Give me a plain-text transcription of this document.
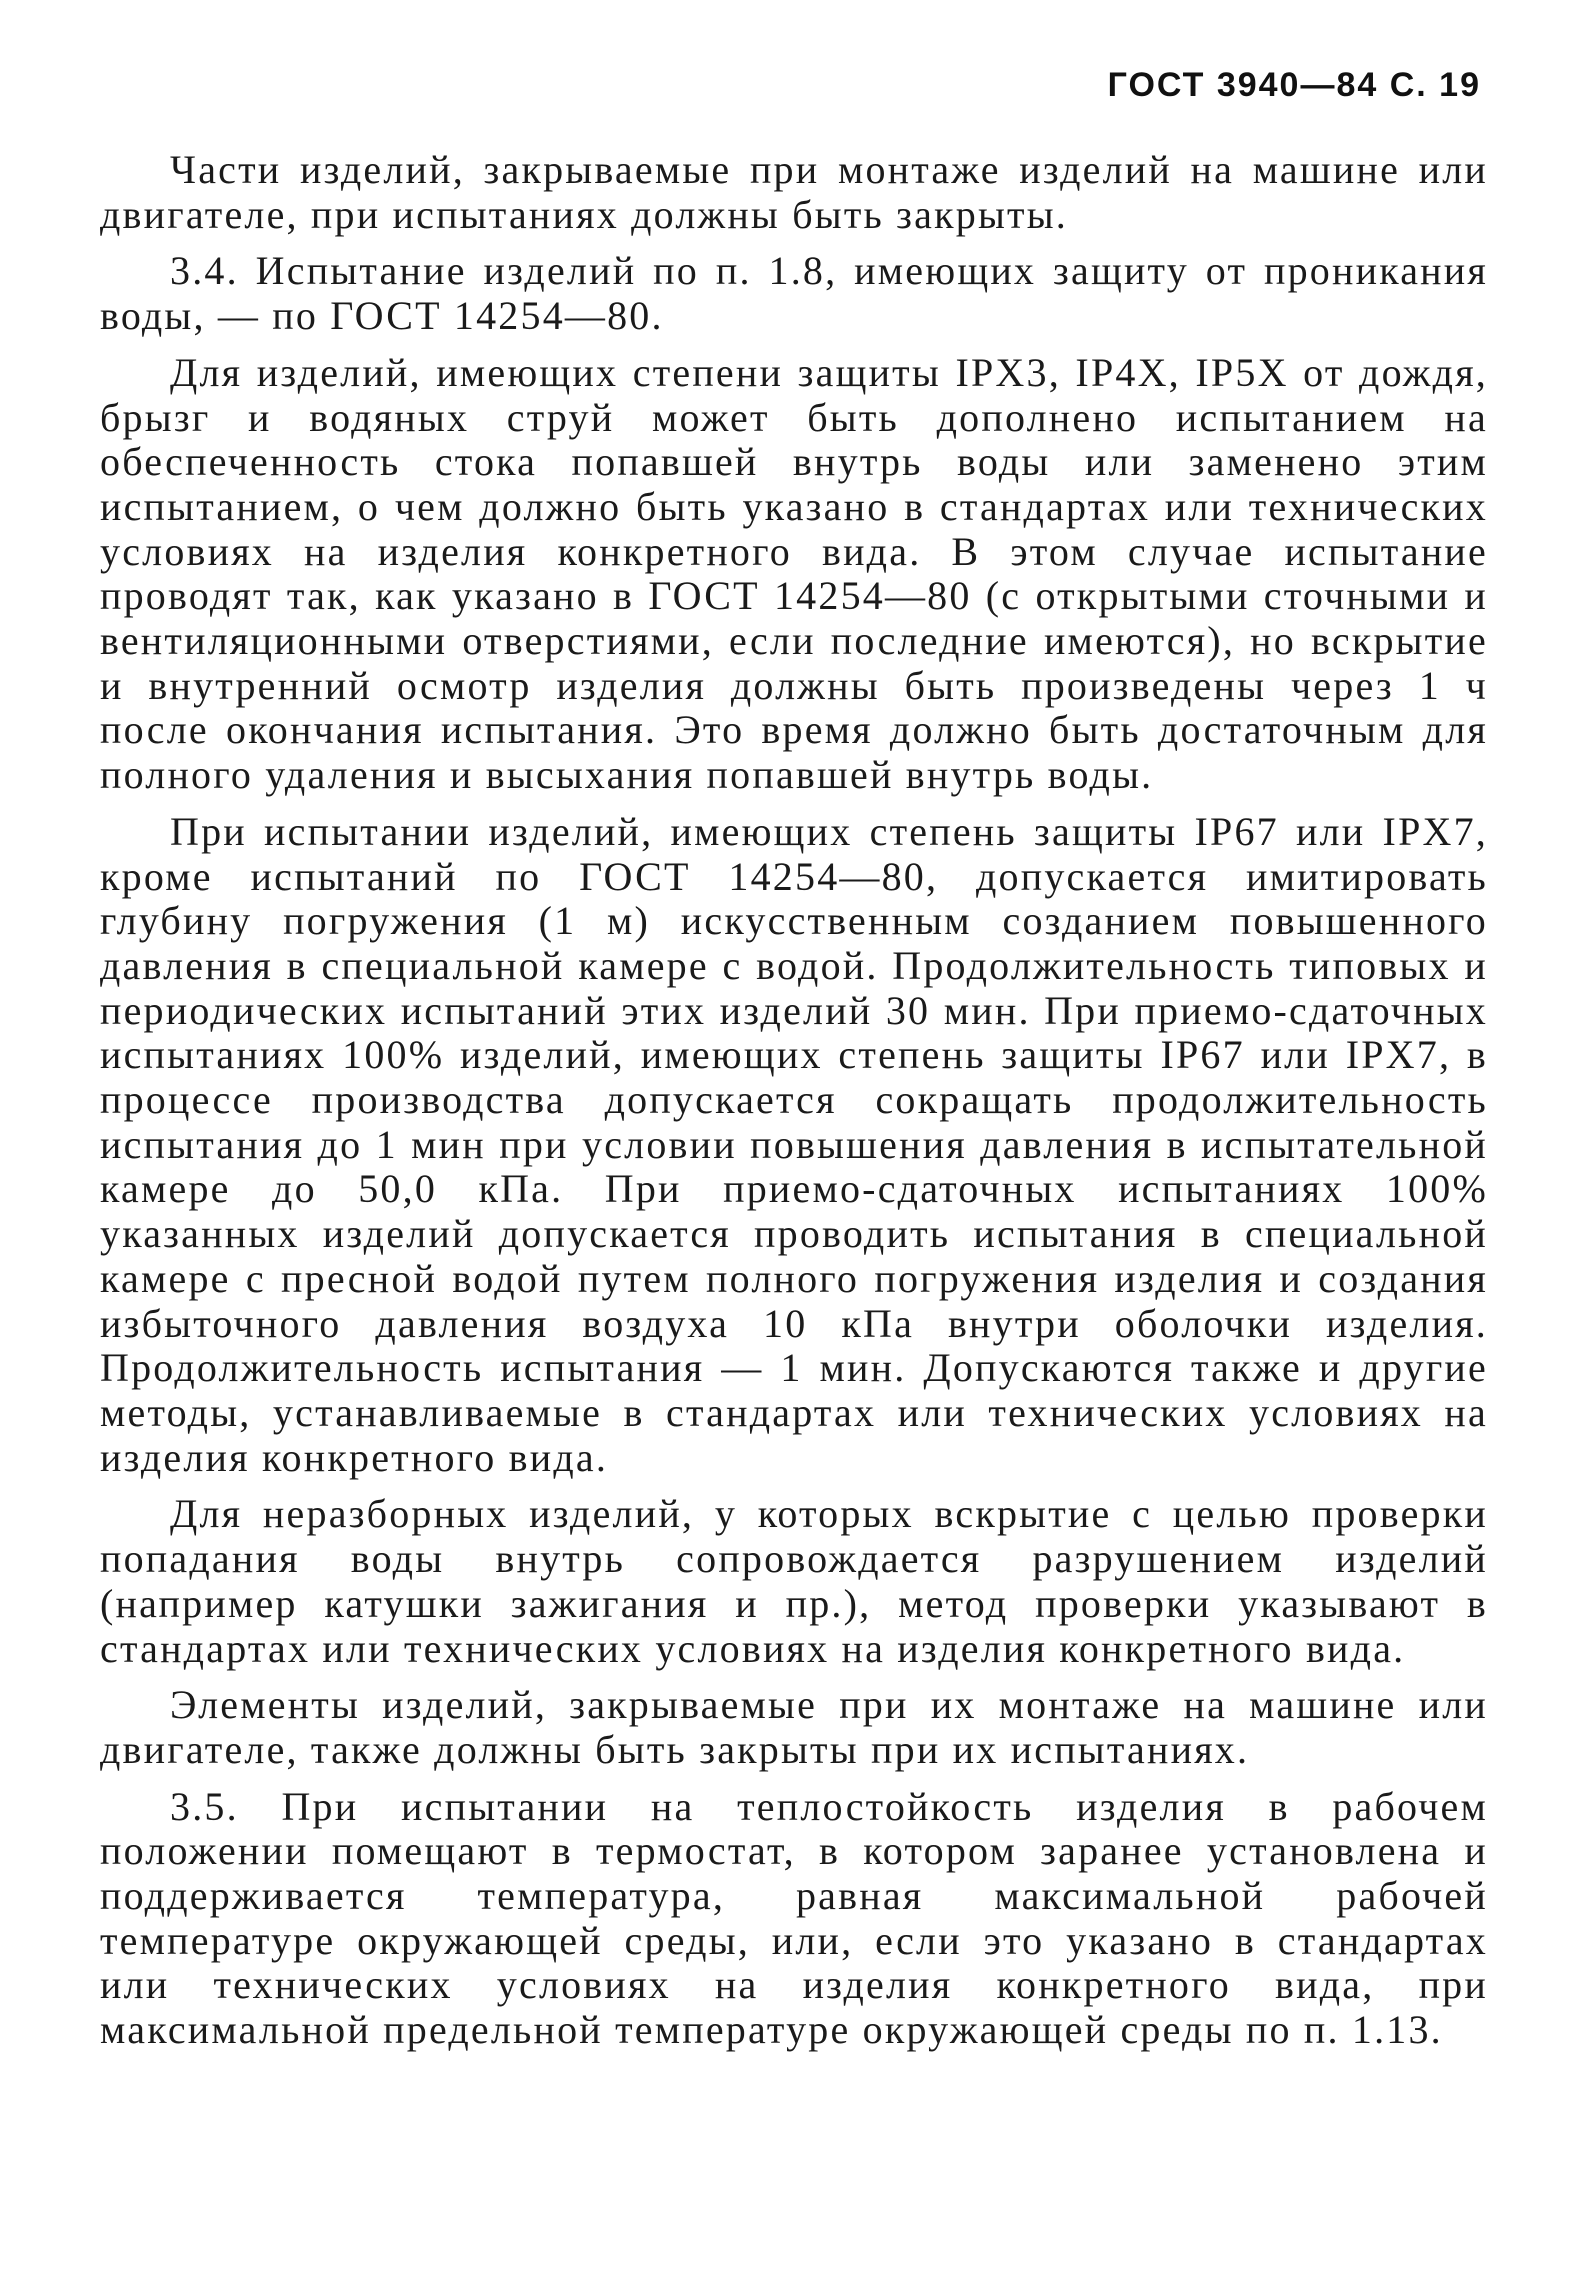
ГОСТ 3940—84 С. 19

Части изделий, закрываемые при монтаже изделий на машине или двигателе, при испытаниях должны быть закрыты.

3.4. Испытание изделий по п. 1.8, имеющих защиту от проникания воды, — по ГОСТ 14254—80.

Для изделий, имеющих степени защиты IPX3, IP4X, IP5X от дождя, брызг и водяных струй может быть дополнено испытанием на обеспеченность стока попавшей внутрь воды или заменено этим испытанием, о чем должно быть указано в стандартах или технических условиях на изделия конкретного вида. В этом случае испытание проводят так, как указано в ГОСТ 14254—80 (с открытыми сточными и вентиляционными отверстиями, если последние имеются), но вскрытие и внутренний осмотр изделия должны быть произведены через 1 ч после окончания испытания. Это время должно быть достаточным для полного удаления и высыхания попавшей внутрь воды.

При испытании изделий, имеющих степень защиты IP67 или IPX7, кроме испытаний по ГОСТ 14254—80, допускается имитировать глубину погружения (1 м) искусственным созданием повышенного давления в специальной камере с водой. Продолжительность типовых и периодических испытаний этих изделий 30 мин. При приемо-сдаточных испытаниях 100% изделий, имеющих степень защиты IP67 или IPX7, в процессе производства допускается сокращать продолжительность испытания до 1 мин при условии повышения давления в испытательной камере до 50,0 кПа. При приемо-сдаточных испытаниях 100% указанных изделий допускается проводить испытания в специальной камере с пресной водой путем полного погружения изделия и создания избыточного давления воздуха 10 кПа внутри оболочки изделия. Продолжительность испытания — 1 мин. Допускаются также и другие методы, устанавливаемые в стандартах или технических условиях на изделия конкретного вида.

Для неразборных изделий, у которых вскрытие с целью проверки попадания воды внутрь сопровождается разрушением изделий (например катушки зажигания и пр.), метод проверки указывают в стандартах или технических условиях на изделия конкретного вида.

Элементы изделий, закрываемые при их монтаже на машине или двигателе, также должны быть закрыты при их испытаниях.

3.5. При испытании на теплостойкость изделия в рабочем положении помещают в термостат, в котором заранее установлена и поддерживается температура, равная максимальной рабочей температуре окружающей среды, или, если это указано в стандартах или технических условиях на изделия конкретного вида, при максимальной предельной температуре окружающей среды по п. 1.13.
